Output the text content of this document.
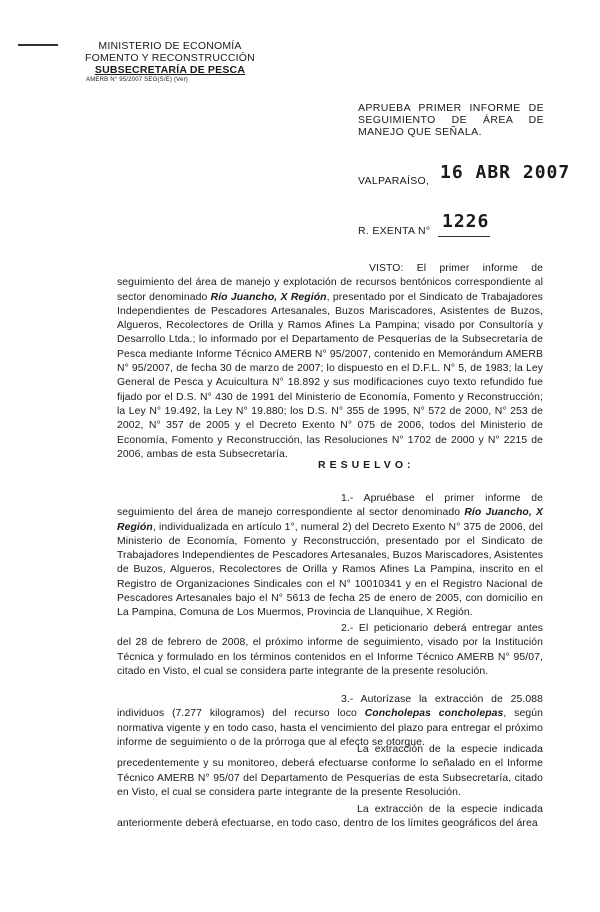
MINISTERIO DE ECONOMÍA
FOMENTO Y RECONSTRUCCIÓN
SUBSECRETARÍA DE PESCA
AMERB N° 95/2007 SEG(S/E) (Ver)
APRUEBA PRIMER INFORME DE SEGUIMIENTO DE ÁREA DE MANEJO QUE SEÑALA.
VALPARAÍSO, 16 ABR 2007
R. EXENTA N° 1226
VISTO: El primer informe de seguimiento del área de manejo y explotación de recursos bentónicos correspondiente al sector denominado Río Juancho, X Región, presentado por el Sindicato de Trabajadores Independientes de Pescadores Artesanales, Buzos Mariscadores, Asistentes de Buzos, Algueros, Recolectores de Orilla y Ramos Afines La Pampina; visado por Consultoría y Desarrollo Ltda.; lo informado por el Departamento de Pesquerías de la Subsecretaría de Pesca mediante Informe Técnico AMERB N° 95/2007, contenido en Memorándum AMERB N° 95/2007, de fecha 30 de marzo de 2007; lo dispuesto en el D.F.L. N° 5, de 1983; la Ley General de Pesca y Acuicultura N° 18.892 y sus modificaciones cuyo texto refundido fue fijado por el D.S. N° 430 de 1991 del Ministerio de Economía, Fomento y Reconstrucción; la Ley N° 19.492, la Ley N° 19.880; los D.S. N° 355 de 1995, N° 572 de 2000, N° 253 de 2002, N° 357 de 2005 y el Decreto Exento N° 075 de 2006, todos del Ministerio de Economía, Fomento y Reconstrucción, las Resoluciones N° 1702 de 2000 y N° 2215 de 2006, ambas de esta Subsecretaría.
RESUELVO:
1.- Apruébase el primer informe de seguimiento del área de manejo correspondiente al sector denominado Río Juancho, X Región, individualizada en artículo 1°, numeral 2) del Decreto Exento N° 375 de 2006, del Ministerio de Economía, Fomento y Reconstrucción, presentado por el Sindicato de Trabajadores Independientes de Pescadores Artesanales, Buzos Mariscadores, Asistentes de Buzos, Algueros, Recolectores de Orilla y Ramos Afines La Pampina, inscrito en el Registro de Organizaciones Sindicales con el N° 10010341 y en el Registro Nacional de Pescadores Artesanales bajo el N° 5613 de fecha 25 de enero de 2005, con domicilio en La Pampina, Comuna de Los Muermos, Provincia de Llanquihue, X Región.
2.- El peticionario deberá entregar antes del 28 de febrero de 2008, el próximo informe de seguimiento, visado por la Institución Técnica y formulado en los términos contenidos en el Informe Técnico AMERB N° 95/07, citado en Visto, el cual se considera parte integrante de la presente resolución.
3.- Autorízase la extracción de 25.088 individuos (7.277 kilogramos) del recurso loco Concholepas concholepas, según normativa vigente y en todo caso, hasta el vencimiento del plazo para entregar el próximo informe de seguimiento o de la prórroga que al efecto se otorgue.
La extracción de la especie indicada precedentemente y su monitoreo, deberá efectuarse conforme lo señalado en el Informe Técnico AMERB N° 95/07 del Departamento de Pesquerías de esta Subsecretaría, citado en Visto, el cual se considera parte integrante de la presente Resolución.
La extracción de la especie indicada anteriormente deberá efectuarse, en todo caso, dentro de los límites geográficos del área
